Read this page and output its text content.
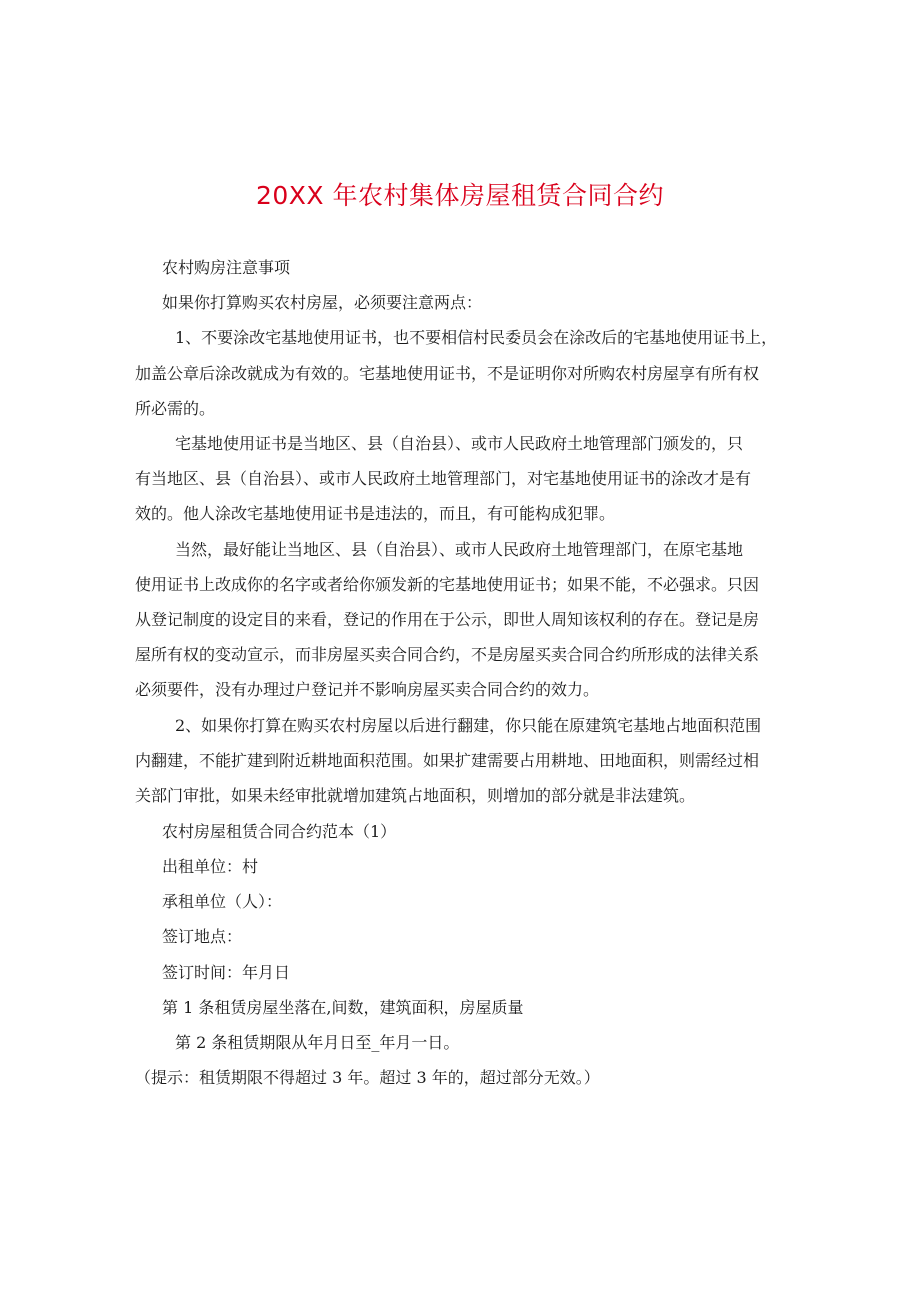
20XX 年农村集体房屋租赁合同合约
农村购房注意事项
如果你打算购买农村房屋，必须要注意两点：
1、不要涂改宅基地使用证书，也不要相信村民委员会在涂改后的宅基地使用证书上，
加盖公章后涂改就成为有效的。宅基地使用证书，不是证明你对所购农村房屋享有所有权
所必需的。
宅基地使用证书是当地区、县（自治县）、或市人民政府土地管理部门颁发的，只
有当地区、县（自治县）、或市人民政府土地管理部门，对宅基地使用证书的涂改才是有
效的。他人涂改宅基地使用证书是违法的，而且，有可能构成犯罪。
当然，最好能让当地区、县（自治县）、或市人民政府土地管理部门，在原宅基地
使用证书上改成你的名字或者给你颁发新的宅基地使用证书；如果不能，不必强求。只因
从登记制度的设定目的来看，登记的作用在于公示，即世人周知该权利的存在。登记是房
屋所有权的变动宣示，而非房屋买卖合同合约，不是房屋买卖合同合约所形成的法律关系
必须要件，没有办理过户登记并不影响房屋买卖合同合约的效力。
2、如果你打算在购买农村房屋以后进行翻建，你只能在原建筑宅基地占地面积范围
内翻建，不能扩建到附近耕地面积范围。如果扩建需要占用耕地、田地面积，则需经过相
关部门审批，如果未经审批就增加建筑占地面积，则增加的部分就是非法建筑。
农村房屋租赁合同合约范本（1）
出租单位：村
承租单位（人）：
签订地点：
签订时间：年月日
第 1 条租赁房屋坐落在,间数，建筑面积，房屋质量
第 2 条租赁期限从年月日至_年月一日。
（提示：租赁期限不得超过 3 年。超过 3 年的，超过部分无效。）
